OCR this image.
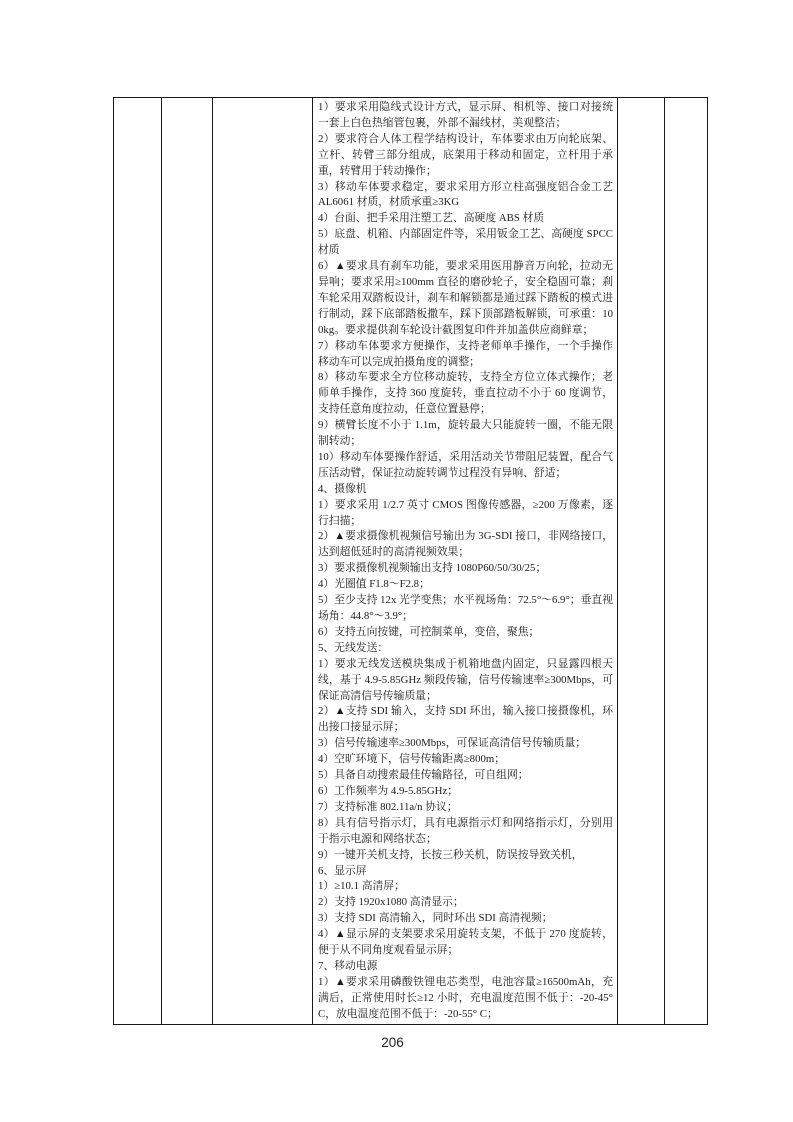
1）要求采用隐线式设计方式，显示屏、相机等、接口对接统一套上白色热缩管包裹，外部不漏线材，美观整洁；

2）要求符合人体工程学结构设计，车体要求由万向轮底架、立杆、转臂三部分组成，底架用于移动和固定，立杆用于承重，转臂用于转动操作；

3）移动车体要求稳定，要求采用方形立柱高强度铝合金工艺 AL6061 材质，材质承重≥3KG

4）台面、把手采用注塑工艺、高硬度 ABS 材质

5）底盘、机箱、内部固定件等，采用钣金工艺、高硬度 SPCC 材质

6）▲要求具有刹车功能，要求采用医用静音万向轮，拉动无异响；要求采用≥100mm 直径的磨砂轮子，安全稳固可靠；刹车轮采用双踏板设计，刹车和解锁都是通过踩下踏板的模式进行制动，踩下底部踏板撒车，踩下顶部踏板解锁，可承重：100kg。要求提供刹车轮设计截图复印件并加盖供应商鲜章；

7）移动车体要求方便操作，支持老师单手操作，一个手操作移动车可以完成拍摄角度的调整；

8）移动车要求全方位移动旋转，支持全方位立体式操作；老师单手操作，支持 360 度旋转，垂直拉动不小于 60 度调节，支持任意角度拉动，任意位置悬停；

9）横臂长度不小于 1.1m，旋转最大只能旋转一圈，不能无限制转动；

10）移动车体要操作舒适，采用活动关节带阻尼装置，配合气压活动臂，保证拉动旋转调节过程没有异响、舒适；

4、摄像机

1）要求采用 1/2.7 英寸 CMOS 图像传感器，≥200 万像素，逐行扫描；

2）▲要求摄像机视频信号输出为 3G-SDI 接口，非网络接口，达到超低延时的高清视频效果；

3）要求摄像机视频输出支持 1080P60/50/30/25；

4）光圈值 F1.8～F2.8；

5）至少支持 12x 光学变焦；水平视场角：72.5°～6.9°；垂直视场角：44.8°～3.9°；

6）支持五向按键，可控制菜单，变倍，聚焦；

5、无线发送：

1）要求无线发送模块集成于机箱地盘内固定，只显露四根天线，基于 4.9-5.85GHz 频段传输，信号传输速率≥300Mbps，可保证高清信号传输质量；

2）▲支持 SDI 输入，支持 SDI 环出，输入接口接摄像机，环出接口接显示屏；

3）信号传输速率≥300Mbps，可保证高清信号传输质量；

4）空旷环境下，信号传输距离≥800m；

5）具备自动搜索最佳传输路径，可自组网；

6）工作频率为 4.9-5.85GHz；

7）支持标准 802.11a/n 协议；

8）具有信号指示灯，具有电源指示灯和网络指示灯，分别用于指示电源和网络状态；

9）一键开关机支持，长按三秒关机，防误按导致关机，

6、显示屏

1）≥10.1 高清屏；

2）支持 1920x1080 高清显示；

3）支持 SDI 高清输入，同时环出 SDI 高清视频；

4）▲显示屏的支架要求采用旋转支架，不低于 270 度旋转，便于从不同角度观看显示屏；

7、移动电源

1）▲要求采用磷酸铁锂电芯类型，电池容量≥16500mAh，充满后，正常使用时长≥12 小时，充电温度范围不低于：-20-45° C，放电温度范围不低于：-20-55° C；

206
